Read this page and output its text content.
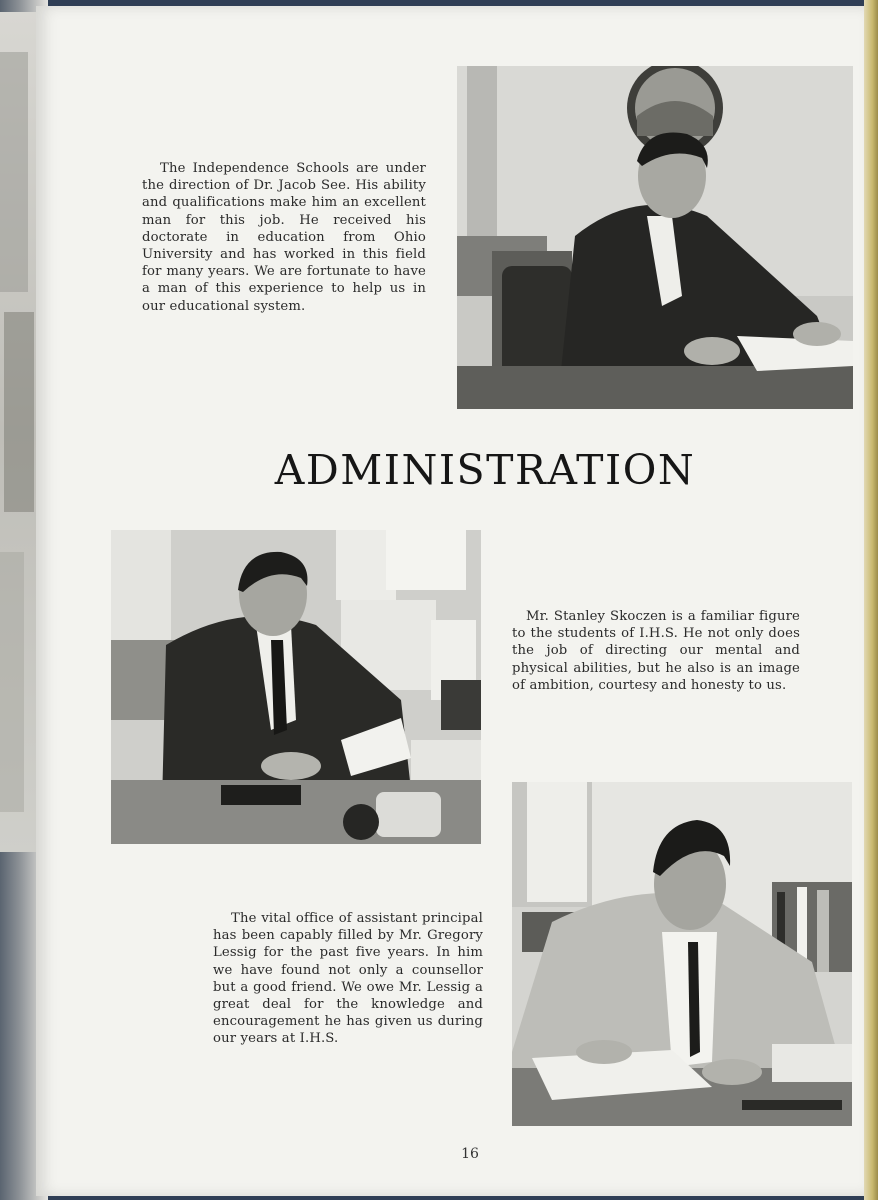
The Independence Schools are under the direction of Dr. Jacob See. His ability and qualifications make him an excellent man for this job. He received his doctorate in education from Ohio University and has worked in this field for many years. We are fortunate to have a man of this experience to help us in our educational system.

ADMINISTRATION

Mr. Stanley Skoczen is a familiar figure to the students of I.H.S. He not only does the job of directing our mental and physical abilities, but he also is an image of ambition, courtesy and honesty to us.

The vital office of assistant principal has been capably filled by Mr. Gregory Lessig for the past five years. In him we have found not only a counsellor but a good friend. We owe Mr. Lessig a great deal for the knowledge and encouragement he has given us during our years at I.H.S.

16
